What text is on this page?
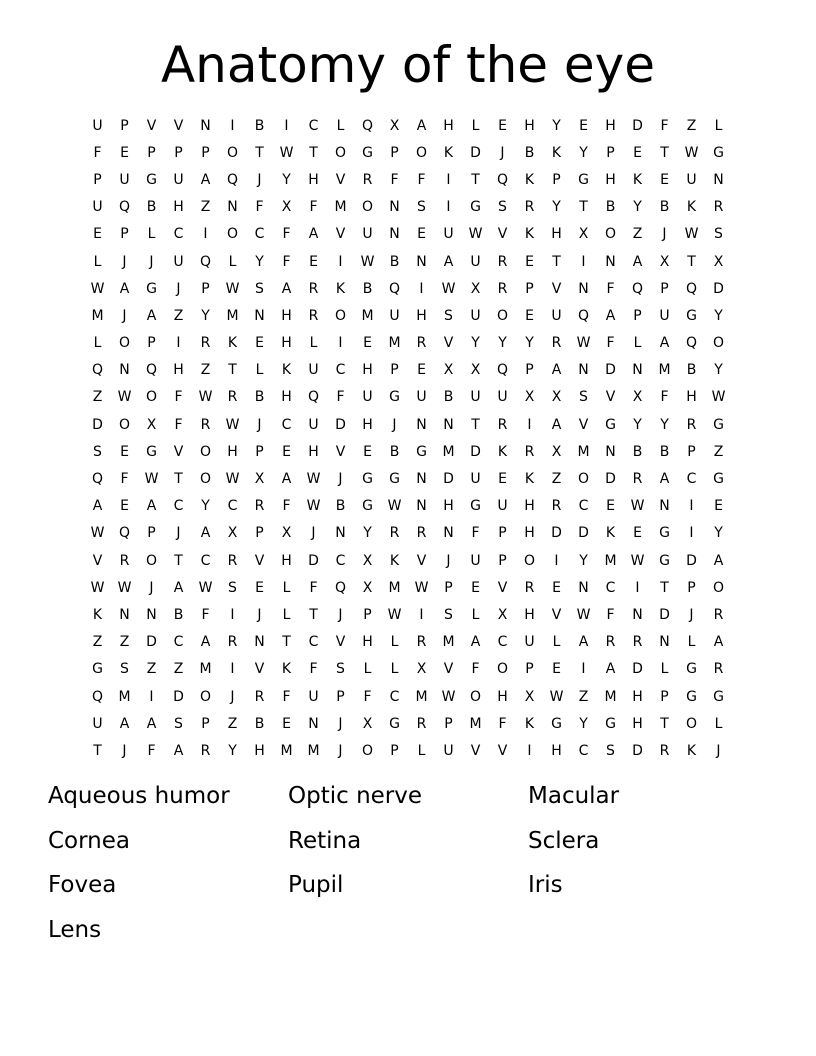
Anatomy of the eye
U	P	V	V	N	I	B	I	C	L	Q	X	A	H	L	E	H	Y	E	H	D	F	Z	L
F	E	P	P	P	O	T	W	T	O	G	P	O	K	D	J	B	K	Y	P	E	T	W	G
P	U	G	U	A	Q	J	Y	H	V	R	F	F	I	T	Q	K	P	G	H	K	E	U	N
U	Q	B	H	Z	N	F	X	F	M	O	N	S	I	G	S	R	Y	T	B	Y	B	K	R
E	P	L	C	I	O	C	F	A	V	U	N	E	U	W	V	K	H	X	O	Z	J	W	S
L	J	J	U	Q	L	Y	F	E	I	W	B	N	A	U	R	E	T	I	N	A	X	T	X
W	A	G	J	P	W	S	A	R	K	B	Q	I	W	X	R	P	V	N	F	Q	P	Q	D
M	J	A	Z	Y	M	N	H	R	O	M	U	H	S	U	O	E	U	Q	A	P	U	G	Y
L	O	P	I	R	K	E	H	L	I	E	M	R	V	Y	Y	Y	R	W	F	L	A	Q	O
Q	N	Q	H	Z	T	L	K	U	C	H	P	E	X	X	Q	P	A	N	D	N	M	B	Y
Z	W	O	F	W	R	B	H	Q	F	U	G	U	B	U	U	X	X	S	V	X	F	H	W
D	O	X	F	R	W	J	C	U	D	H	J	N	N	T	R	I	A	V	G	Y	Y	R	G
S	E	G	V	O	H	P	E	H	V	E	B	G	M	D	K	R	X	M	N	B	B	P	Z
Q	F	W	T	O	W	X	A	W	J	G	G	N	D	U	E	K	Z	O	D	R	A	C	G
A	E	A	C	Y	C	R	F	W	B	G	W	N	H	G	U	H	R	C	E	W	N	I	E
W	Q	P	J	A	X	P	X	J	N	Y	R	R	N	F	P	H	D	D	K	E	G	I	Y
V	R	O	T	C	R	V	H	D	C	X	K	V	J	U	P	O	I	Y	M	W	G	D	A
W W	J	A	W	S	E	L	F	Q	X	M	W	P	E	V	R	E	N	C	I	T	P	O
K	N	N	B	F	I	J	L	T	J	P	W	I	S	L	X	H	V	W	F	N	D	J	R
Z	Z	D	C	A	R	N	T	C	V	H	L	R	M	A	C	U	L	A	R	R	N	L	A
G	S	Z	Z	M	I	V	K	F	S	L	L	X	V	F	O	P	E	I	A	D	L	G	R
Q	M	I	D	O	J	R	F	U	P	F	C	M	W	O	H	X	W	Z	M	H	P	G	G
U	A	A	S	P	Z	B	E	N	J	X	G	R	P	M	F	K	G	Y	G	H	T	O	L
T	J	F	A	R	Y	H	M	M	J	O	P	L	U	V	V	I	H	C	S	D	R	K	J
Aqueous humor	Optic nerve	Macular
Cornea	Retina	Sclera
Fovea	Pupil	Iris
Lens
